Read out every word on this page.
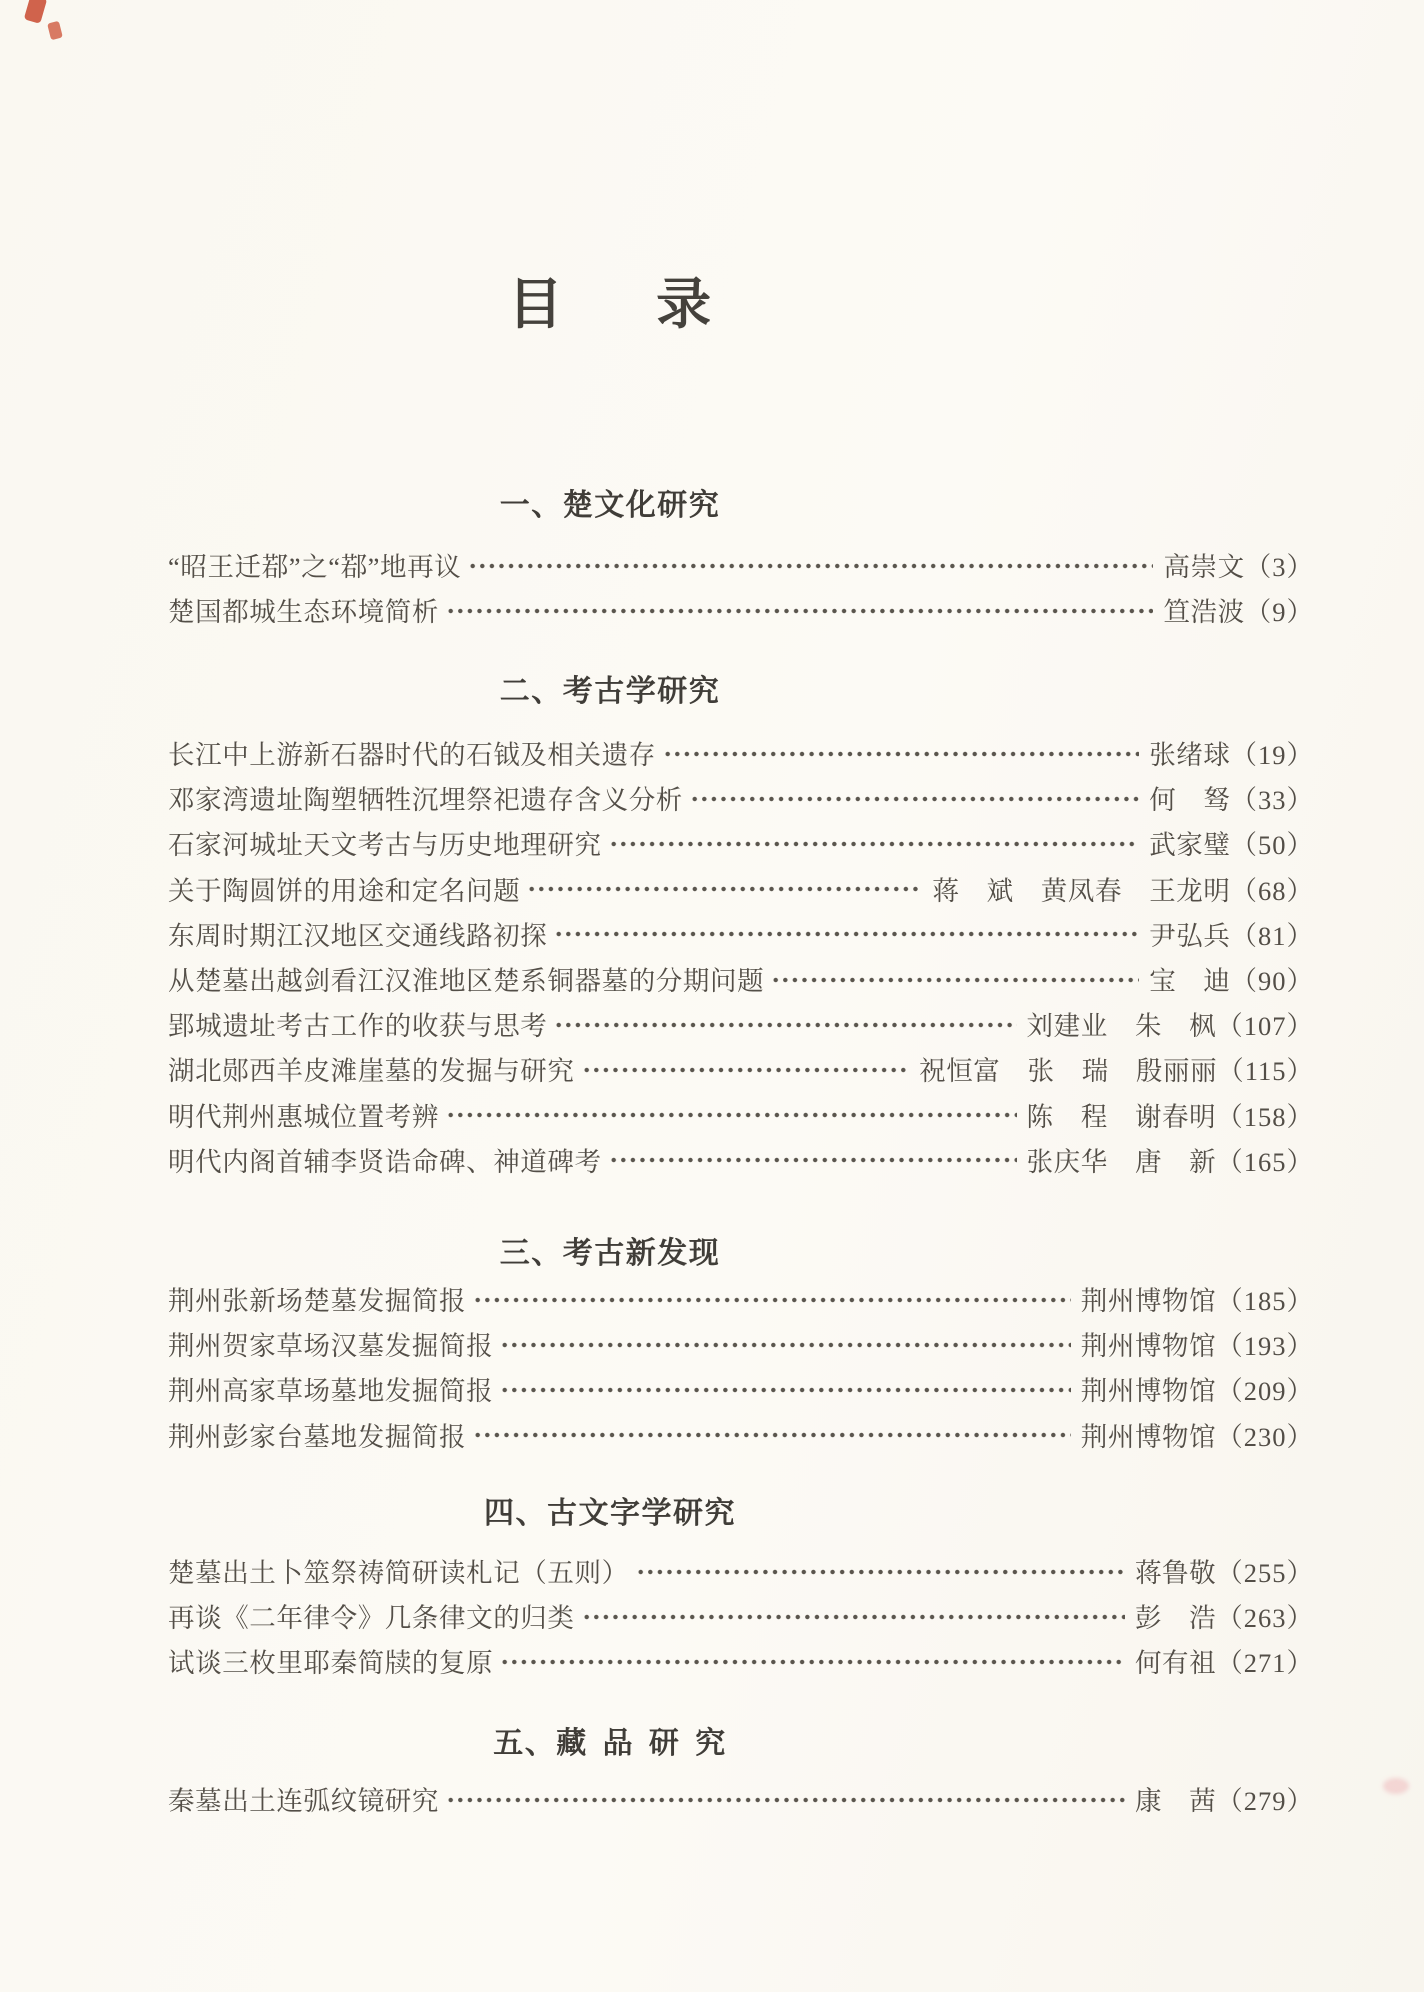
目 录
一、楚文化研究
“昭王迁鄀”之“鄀”地再议	高崇文 （3）
楚国都城生态环境简析	笪浩波 （9）
二、考古学研究
长江中上游新石器时代的石钺及相关遗存	张绪球 （19）
邓家湾遗址陶塑牺牲沉埋祭祀遗存含义分析	何　驽 （33）
石家河城址天文考古与历史地理研究	武家璧 （50）
关于陶圆饼的用途和定名问题	蒋　斌　黄凤春　王龙明 （68）
东周时期江汉地区交通线路初探	尹弘兵 （81）
从楚墓出越剑看江汉淮地区楚系铜器墓的分期问题	宝　迪 （90）
郢城遗址考古工作的收获与思考	刘建业　朱　枫 （107）
湖北郧西羊皮滩崖墓的发掘与研究	祝恒富　张　瑞　殷丽丽 （115）
明代荆州惠城位置考辨	陈　程　谢春明 （158）
明代内阁首辅李贤诰命碑、神道碑考	张庆华　唐　新 （165）
三、考古新发现
荆州张新场楚墓发掘简报	荆州博物馆 （185）
荆州贺家草场汉墓发掘简报	荆州博物馆 （193）
荆州高家草场墓地发掘简报	荆州博物馆 （209）
荆州彭家台墓地发掘简报	荆州博物馆 （230）
四、古文字学研究
楚墓出土卜筮祭祷简研读札记（五则）	蒋鲁敬 （255）
再谈《二年律令》几条律文的归类	彭　浩 （263）
试谈三枚里耶秦简牍的复原	何有祖 （271）
五、藏 品 研 究
秦墓出土连弧纹镜研究	康　茜 （279）
